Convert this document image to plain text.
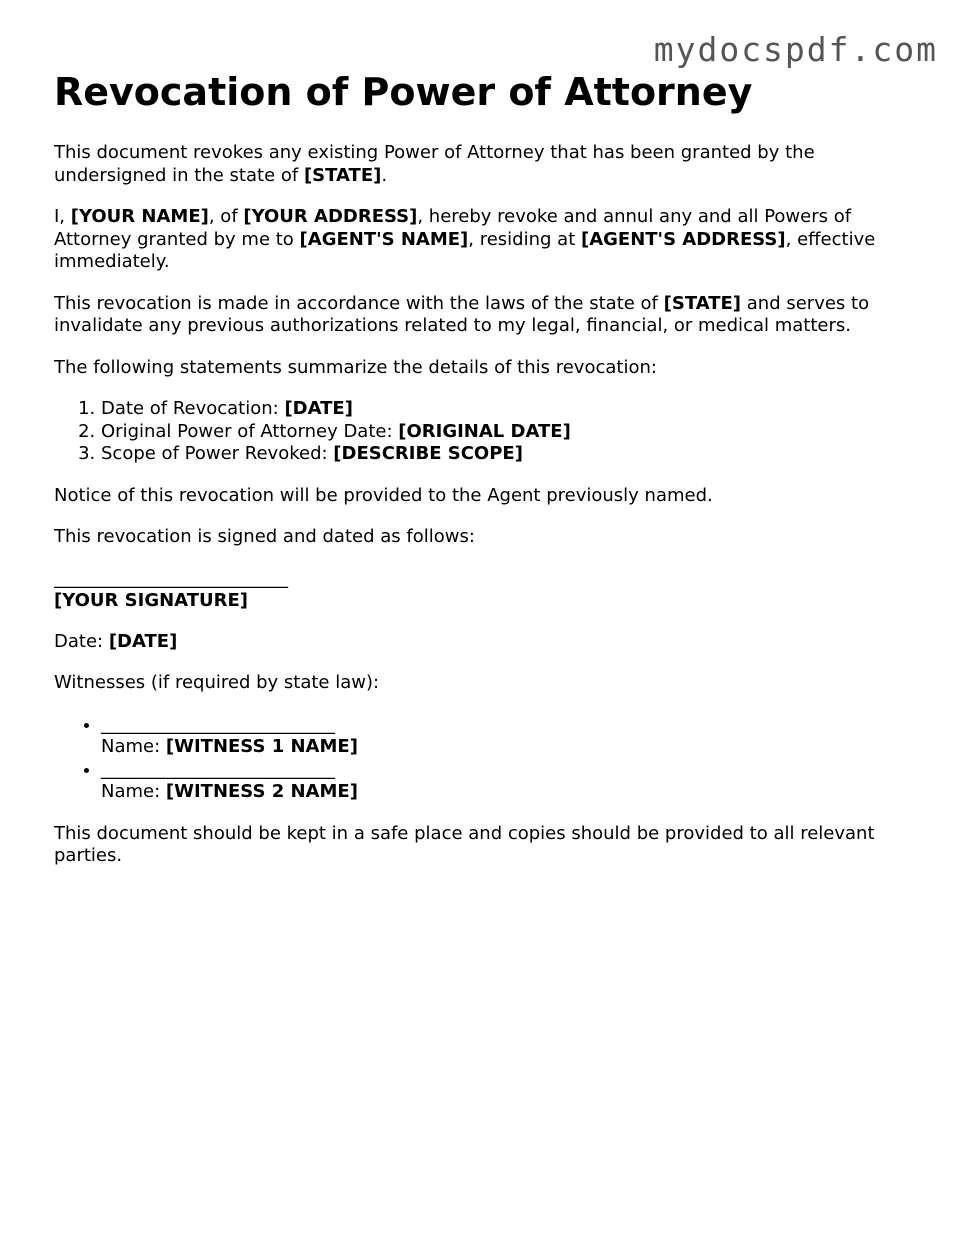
mydocspdf.com
Revocation of Power of Attorney

This document revokes any existing Power of Attorney that has been granted by the undersigned in the state of [STATE].

I, [YOUR NAME], of [YOUR ADDRESS], hereby revoke and annul any and all Powers of Attorney granted by me to [AGENT'S NAME], residing at [AGENT'S ADDRESS], effective immediately.

This revocation is made in accordance with the laws of the state of [STATE] and serves to invalidate any previous authorizations related to my legal, financial, or medical matters.

The following statements summarize the details of this revocation:

1. Date of Revocation: [DATE]
2. Original Power of Attorney Date: [ORIGINAL DATE]
3. Scope of Power Revoked: [DESCRIBE SCOPE]

Notice of this revocation will be provided to the Agent previously named.

This revocation is signed and dated as follows:

__________________________
[YOUR SIGNATURE]

Date: [DATE]

Witnesses (if required by state law):

• __________________________
Name: [WITNESS 1 NAME]
• __________________________
Name: [WITNESS 2 NAME]

This document should be kept in a safe place and copies should be provided to all relevant parties.
